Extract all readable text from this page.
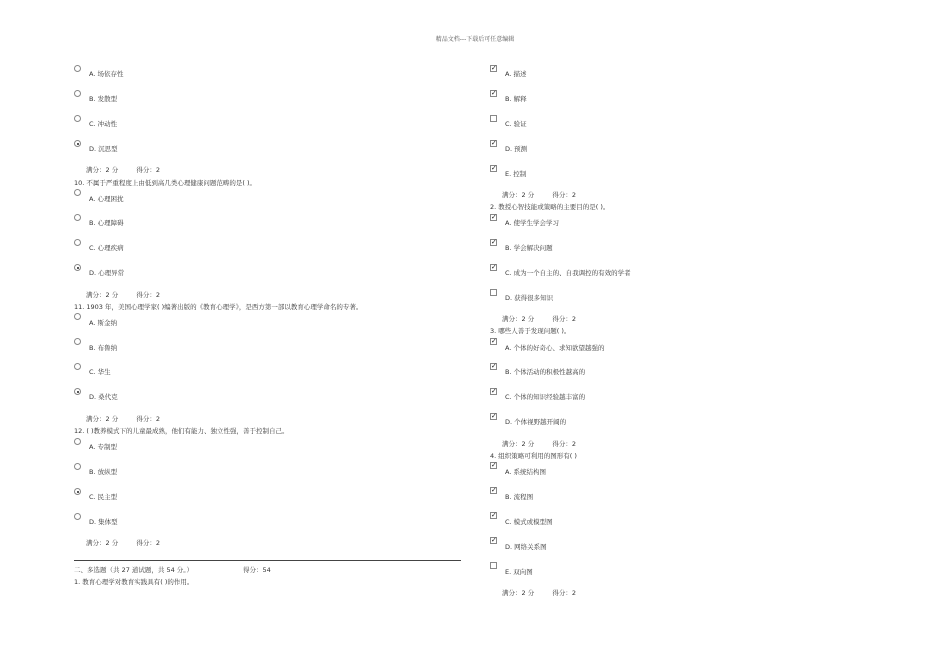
精品文档---下载后可任意编辑
A. 场依存性
B. 发散型
C. 冲动性
D. 沉思型
满分：2 分	得分：2
10. 不属于严重程度上由低到高几类心理健康问题范畴的是( )。
A. 心理困扰
B. 心理障碍
C. 心理疾病
D. 心理异常
满分：2 分	得分：2
11. 1903 年，美国心理学家( )编著出版的《教育心理学》，是西方第一部以教育心理学命名的专著。
A. 斯金纳
B. 布鲁纳
C. 华生
D. 桑代克
满分：2 分	得分：2
12. ( )教养模式下的儿童最成熟，他们有能力、独立性强，善于控制自己。
A. 专制型
B. 放纵型
C. 民主型
D. 集体型
满分：2 分	得分：2
二、多选题（共 27 道试题，共 54 分。）	得分：54
1. 教育心理学对教育实践具有( )的作用。
✓
A. 描述
✓
B. 解释
C. 验证
✓
D. 预测
✓
E. 控制
满分：2 分	得分：2
2. 教授心智技能或策略的主要目的是( )。
✓
A. 使学生学会学习
✓
B. 学会解决问题
✓
C. 成为一个自主的、自我调控的有效的学者
D. 获得很多知识
满分：2 分	得分：2
3. 哪些人善于发现问题( )。
✓
A. 个体的好奇心、求知欲望越强的
✓
B. 个体活动的积极性越高的
✓
C. 个体的知识经验越丰富的
✓
D. 个体视野越开阔的
满分：2 分	得分：2
4. 组织策略可利用的图形有( )
✓
A. 系统结构图
✓
B. 流程图
✓
C. 模式或模型图
✓
D. 网络关系图
E. 双向图
满分：2 分	得分：2
